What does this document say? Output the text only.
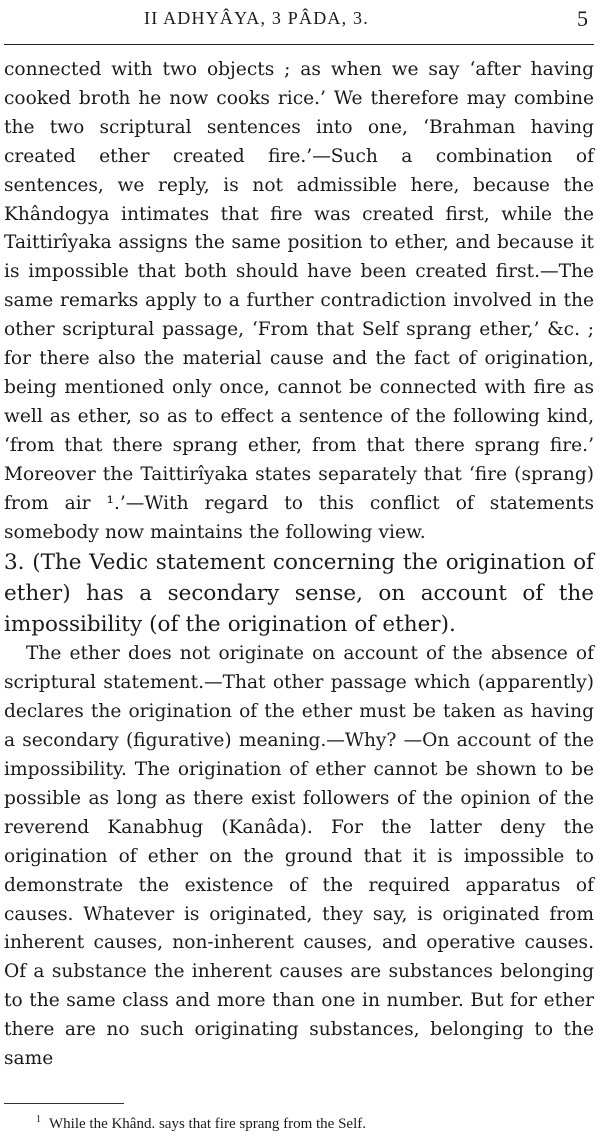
II ADHYÂYA, 3 PÂDA, 3.	5

connected with two objects ; as when we say ‘after having cooked broth he now cooks rice.’ We therefore may combine the two scriptural sentences into one, ‘Brahman having created ether created fire.’—Such a combination of sentences, we reply, is not admissible here, because the Khândogya intimates that fire was created first, while the Taittirîyaka assigns the same position to ether, and because it is impossible that both should have been created first.—The same remarks apply to a further contradiction involved in the other scriptural passage, ‘From that Self sprang ether,’ &c. ; for there also the material cause and the fact of origination, being mentioned only once, cannot be connected with fire as well as ether, so as to effect a sentence of the following kind, ‘from that there sprang ether, from that there sprang fire.’ Moreover the Taittirîyaka states separately that ‘fire (sprang) from air ¹.’—With regard to this conflict of statements somebody now maintains the following view.

3. (The Vedic statement concerning the origination of ether) has a secondary sense, on account of the impossibility (of the origination of ether).

The ether does not originate on account of the absence of scriptural statement.—That other passage which (apparently) declares the origination of the ether must be taken as having a secondary (figurative) meaning.—Why? —On account of the impossibility. The origination of ether cannot be shown to be possible as long as there exist followers of the opinion of the reverend Kanabhug (Kanâda). For the latter deny the origination of ether on the ground that it is impossible to demonstrate the existence of the required apparatus of causes. Whatever is originated, they say, is originated from inherent causes, non-inherent causes, and operative causes. Of a substance the inherent causes are substances belonging to the same class and more than one in number. But for ether there are no such originating substances, belonging to the same

$^1$ While the Khând. says that fire sprang from the Self.
